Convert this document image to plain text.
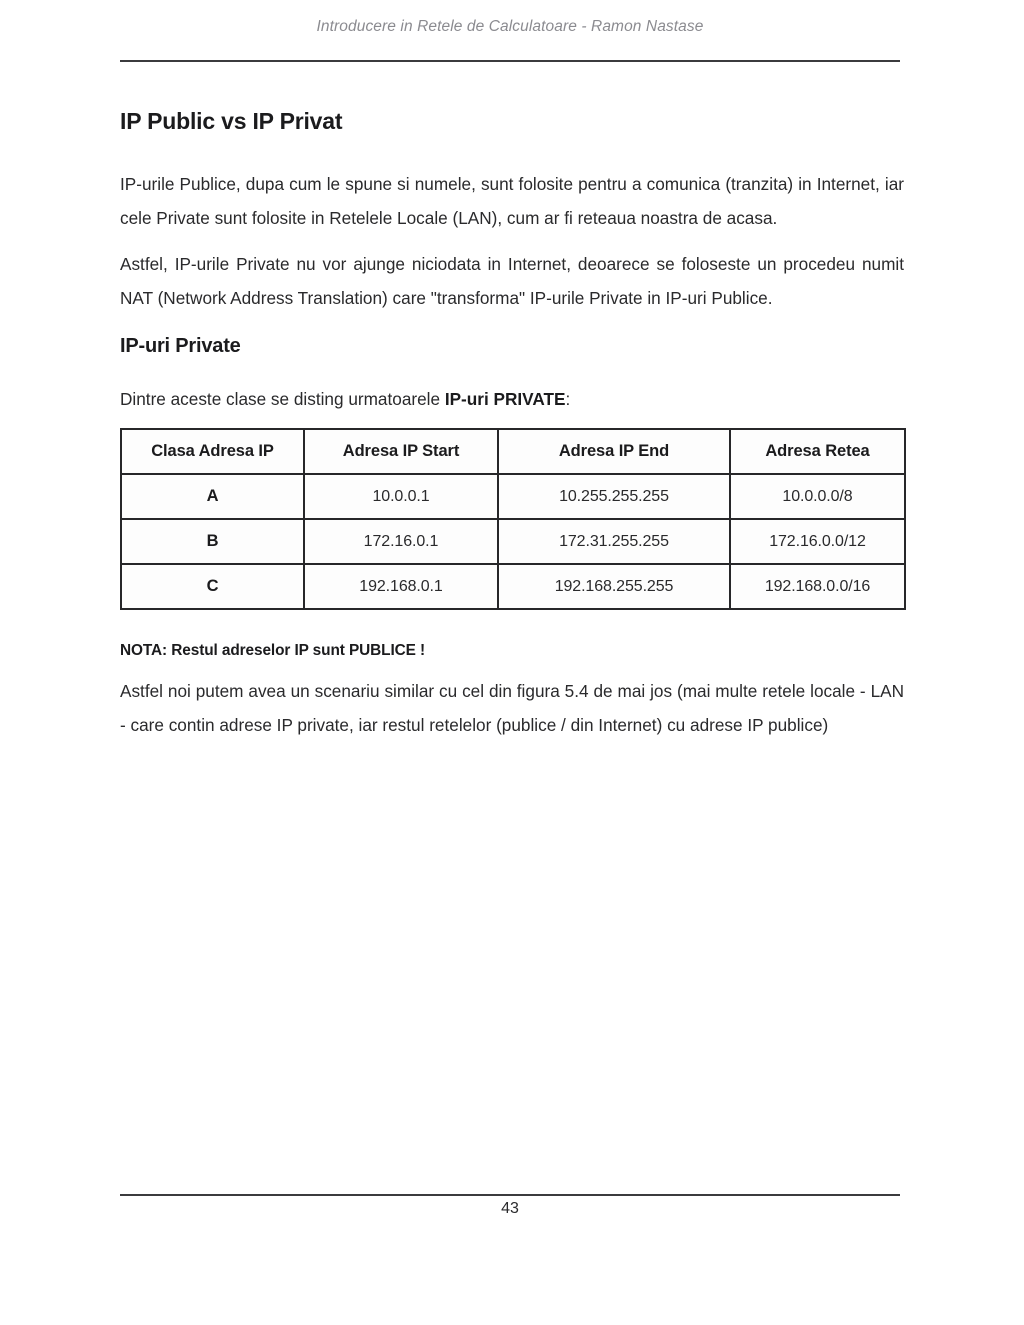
Introducere in Retele de Calculatoare - Ramon Nastase
IP Public vs IP Privat

IP-urile Publice, dupa cum le spune si numele, sunt folosite pentru a comunica (tranzita) in Internet, iar cele Private sunt folosite in Retelele Locale (LAN), cum ar fi reteaua noastra de acasa.

Astfel, IP-urile Private nu vor ajunge niciodata in Internet, deoarece se foloseste un procedeu numit NAT (Network Address Translation) care "transforma" IP-urile Private in IP-uri Publice.

IP-uri Private

Dintre aceste clase se disting urmatoarele IP-uri PRIVATE:

Clasa Adresa IP	Adresa IP Start	Adresa IP End	Adresa Retea
A	10.0.0.1	10.255.255.255	10.0.0.0/8
B	172.16.0.1	172.31.255.255	172.16.0.0/12
C	192.168.0.1	192.168.255.255	192.168.0.0/16

NOTA: Restul adreselor IP sunt PUBLICE !

Astfel noi putem avea un scenariu similar cu cel din figura 5.4 de mai jos (mai multe retele locale - LAN - care contin adrese IP private, iar restul retelelor (publice / din Internet) cu adrese IP publice)

43
